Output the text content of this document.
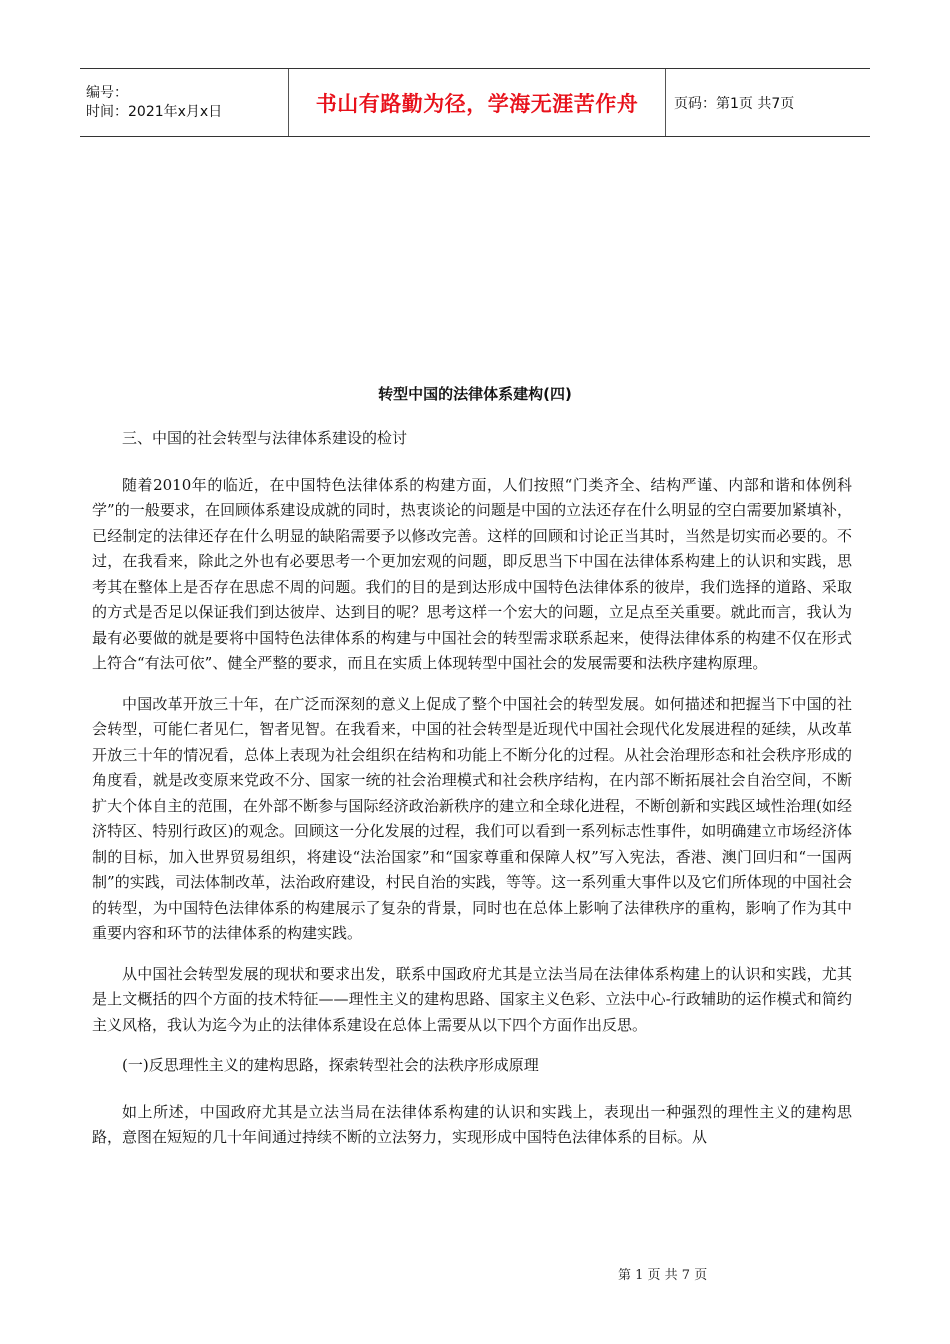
编号：
时间：2021年x月x日	书山有路勤为径，学海无涯苦作舟	页码：第1页 共7页
转型中国的法律体系建构(四)

三、中国的社会转型与法律体系建设的检讨

随着2010年的临近，在中国特色法律体系的构建方面，人们按照“门类齐全、结构严谨、内部和谐和体例科学”的一般要求，在回顾体系建设成就的同时，热衷谈论的问题是中国的立法还存在什么明显的空白需要加紧填补，已经制定的法律还存在什么明显的缺陷需要予以修改完善。这样的回顾和讨论正当其时，当然是切实而必要的。不过，在我看来，除此之外也有必要思考一个更加宏观的问题，即反思当下中国在法律体系构建上的认识和实践，思考其在整体上是否存在思虑不周的问题。我们的目的是到达形成中国特色法律体系的彼岸，我们选择的道路、采取的方式是否足以保证我们到达彼岸、达到目的呢？思考这样一个宏大的问题，立足点至关重要。就此而言，我认为最有必要做的就是要将中国特色法律体系的构建与中国社会的转型需求联系起来，使得法律体系的构建不仅在形式上符合“有法可依”、健全严整的要求，而且在实质上体现转型中国社会的发展需要和法秩序建构原理。

中国改革开放三十年，在广泛而深刻的意义上促成了整个中国社会的转型发展。如何描述和把握当下中国的社会转型，可能仁者见仁，智者见智。在我看来，中国的社会转型是近现代中国社会现代化发展进程的延续，从改革开放三十年的情况看，总体上表现为社会组织在结构和功能上不断分化的过程。从社会治理形态和社会秩序形成的角度看，就是改变原来党政不分、国家一统的社会治理模式和社会秩序结构，在内部不断拓展社会自治空间，不断扩大个体自主的范围，在外部不断参与国际经济政治新秩序的建立和全球化进程，不断创新和实践区域性治理(如经济特区、特别行政区)的观念。回顾这一分化发展的过程，我们可以看到一系列标志性事件，如明确建立市场经济体制的目标，加入世界贸易组织，将建设“法治国家”和“国家尊重和保障人权”写入宪法，香港、澳门回归和“一国两制”的实践，司法体制改革，法治政府建设，村民自治的实践，等等。这一系列重大事件以及它们所体现的中国社会的转型，为中国特色法律体系的构建展示了复杂的背景，同时也在总体上影响了法律秩序的重构，影响了作为其中重要内容和环节的法律体系的构建实践。

从中国社会转型发展的现状和要求出发，联系中国政府尤其是立法当局在法律体系构建上的认识和实践，尤其是上文概括的四个方面的技术特征——理性主义的建构思路、国家主义色彩、立法中心-行政辅助的运作模式和简约主义风格，我认为迄今为止的法律体系建设在总体上需要从以下四个方面作出反思。

(一)反思理性主义的建构思路，探索转型社会的法秩序形成原理

如上所述，中国政府尤其是立法当局在法律体系构建的认识和实践上，表现出一种强烈的理性主义的建构思路，意图在短短的几十年间通过持续不断的立法努力，实现形成中国特色法律体系的目标。从

第 1 页 共 7 页
